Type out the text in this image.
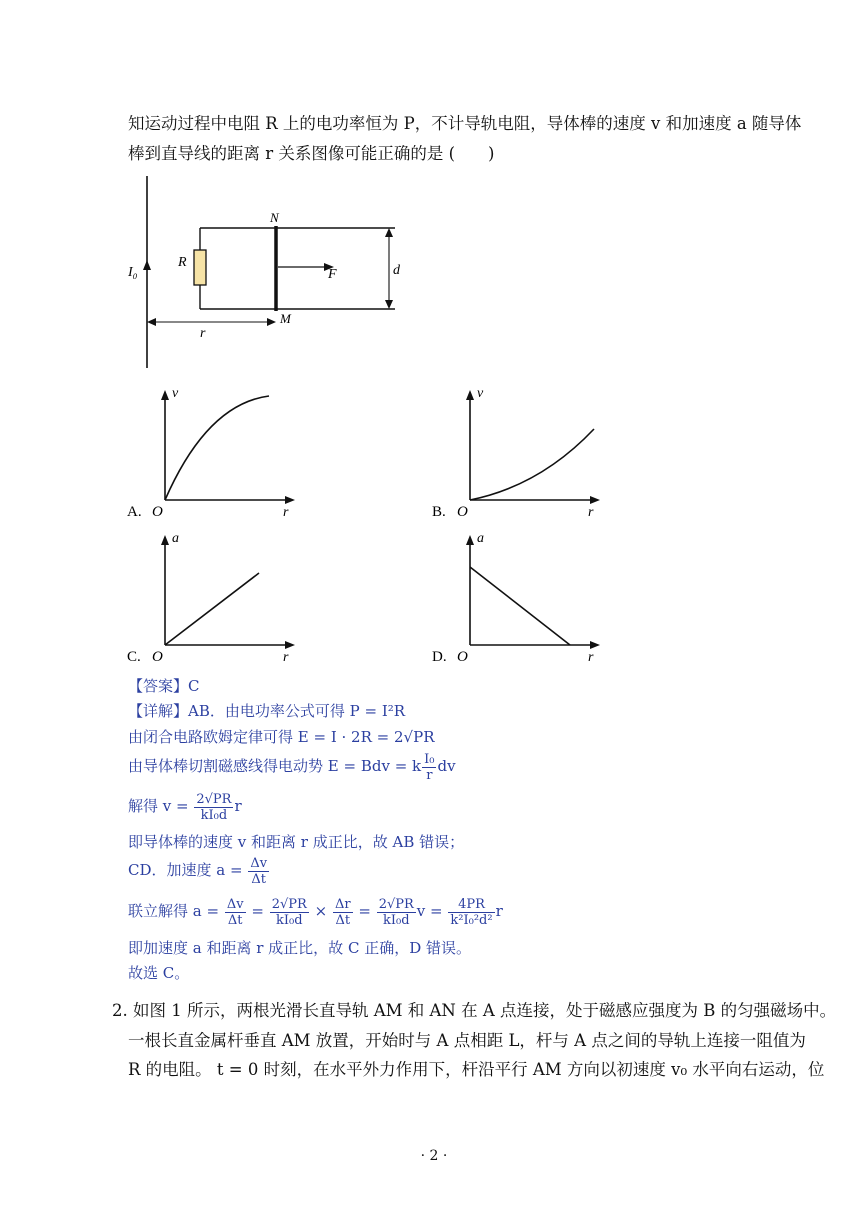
知运动过程中电阻 R 上的电功率恒为 P，不计导轨电阻，导体棒的速度 v 和加速度 a 随导体
棒到直导线的距离 r 关系图像可能正确的是 (　　)
I₀
R
N
M
F	d
r
v
r
O
A.
v
r
O
B.
a
r
O
C.
a
r
O
D.
【答案】C
【详解】AB．由电功率公式可得 P = I²R
由闭合电路欧姆定律可得 E = I · 2R = 2√PR
由导体棒切割磁感线得电动势 E = Bdv = k $\frac{\text{I₀}}{r}$ dv
解得 $v = \frac{2√PR}{\text{kI₀d}}$ r
即导体棒的速度 v 和距离 r 成正比，故 AB 错误；
CD．加速度 $a = \frac{\Delta v}{\Delta t}$
联立解得 $a = \frac{\Delta v}{\Delta t} = \frac{2√PR}{\text{kI₀d}} \times \frac{\Delta r}{\Delta t} = \frac{2√PR}{\text{kI₀d}}$ $v = \frac{4PR}{\text{k²I₀²d²}}$ r
即加速度 a 和距离 r 成正比，故 C 正确，D 错误。
故选 C。
2. 如图 1 所示，两根光滑长直导轨 AM 和 AN 在 A 点连接，处于磁感应强度为 B 的匀强磁场中。
一根长直金属杆垂直 AM 放置，开始时与 A 点相距 L，杆与 A 点之间的导轨上连接一阻值为
R 的电阻。 t = 0 时刻，在水平外力作用下，杆沿平行 AM 方向以初速度 v₀ 水平向右运动，位
· 2 ·
